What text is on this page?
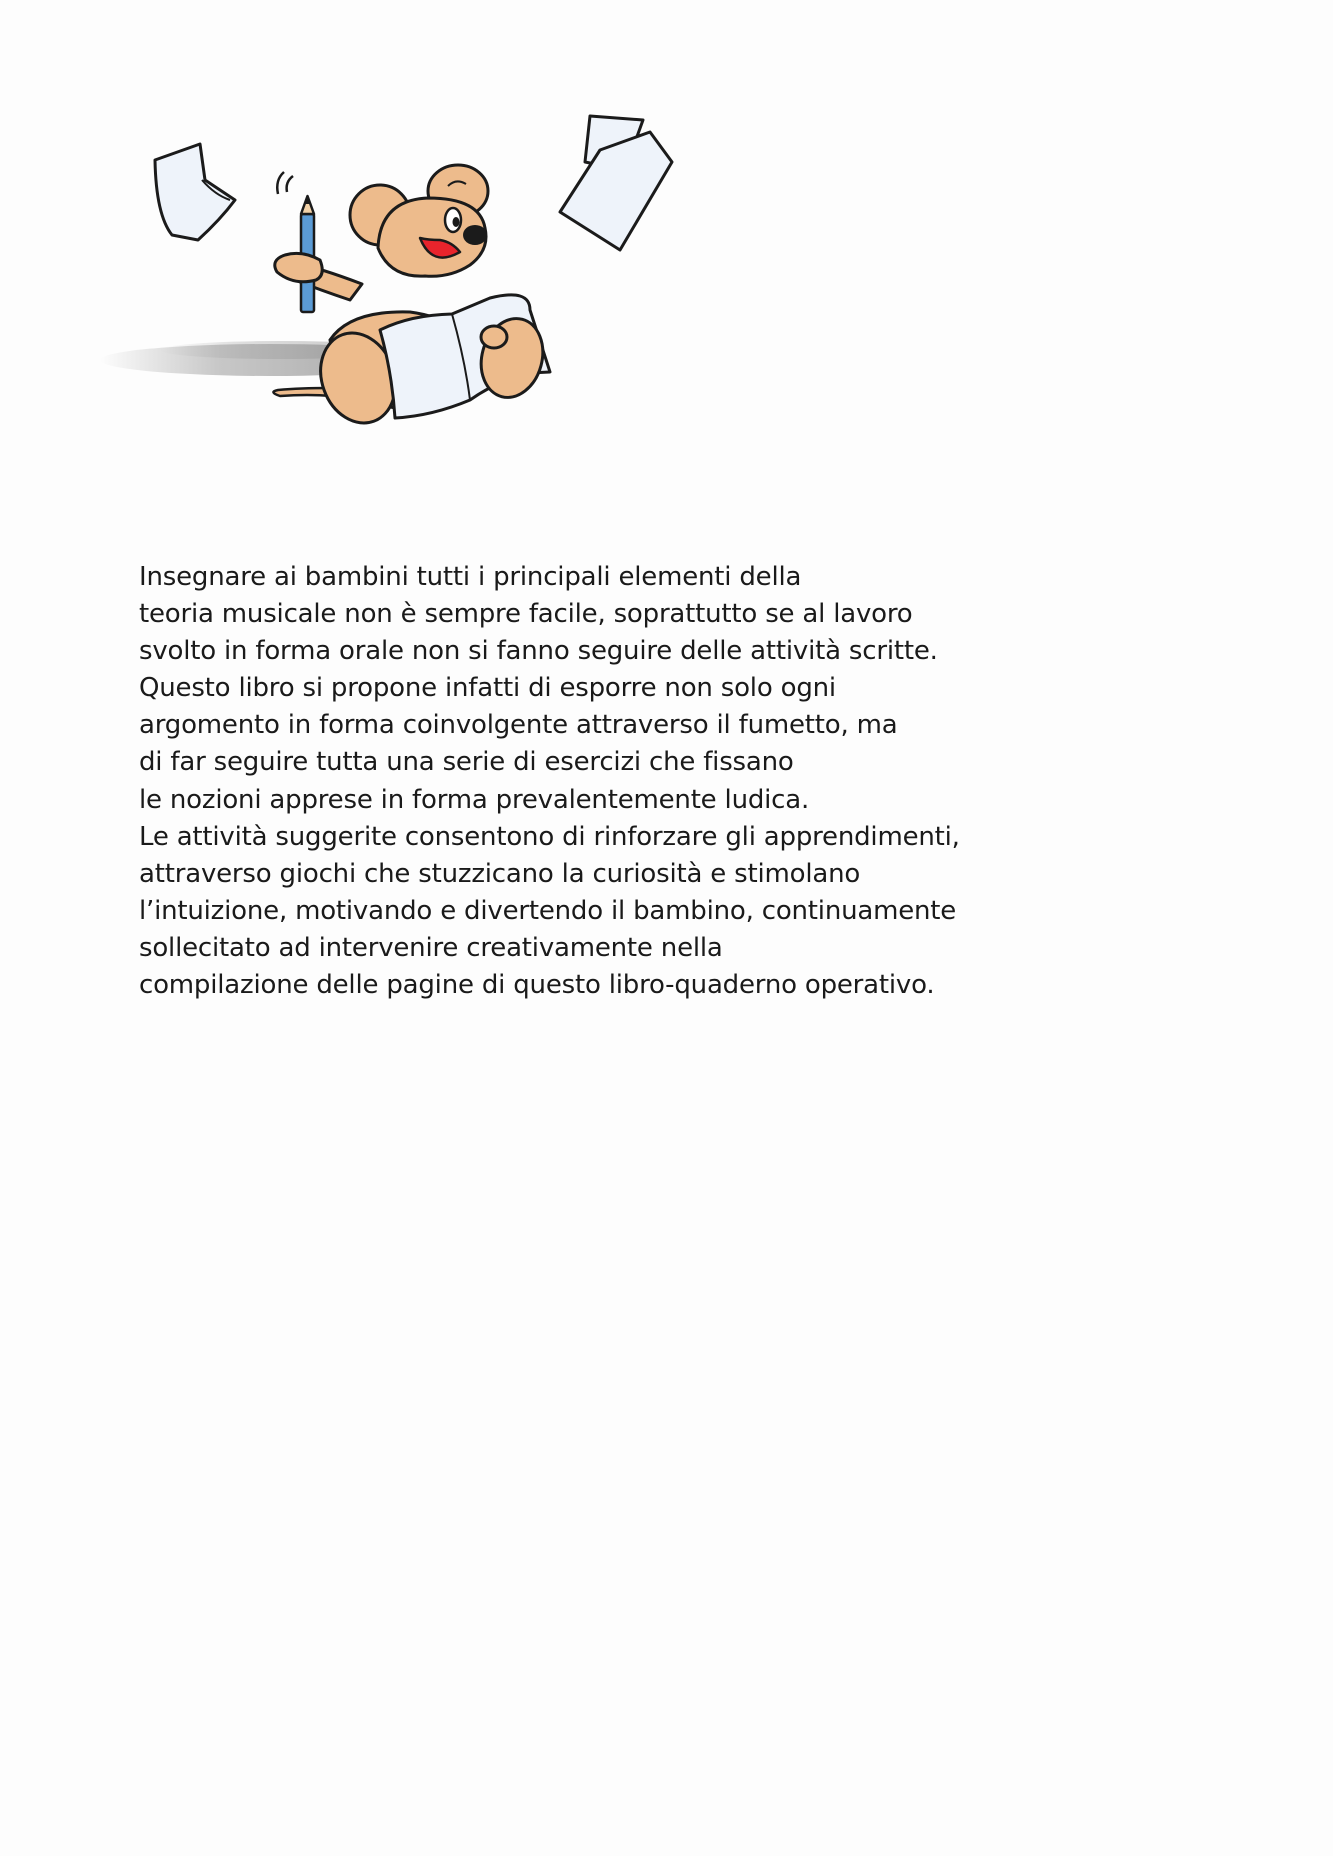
Insegnare ai bambini tutti i principali elementi della
teoria musicale non è sempre facile, soprattutto se al lavoro
svolto in forma orale non si fanno seguire delle attività scritte.
Questo libro si propone infatti di esporre non solo ogni
argomento in forma coinvolgente attraverso il fumetto, ma
di far seguire tutta una serie di esercizi che fissano
le nozioni apprese in forma prevalentemente ludica.
Le attività suggerite consentono di rinforzare gli apprendimenti,
attraverso giochi che stuzzicano la curiosità e stimolano
l’intuizione, motivando e divertendo il bambino, continuamente
sollecitato ad intervenire creativamente nella
compilazione delle pagine di questo libro-quaderno operativo.
